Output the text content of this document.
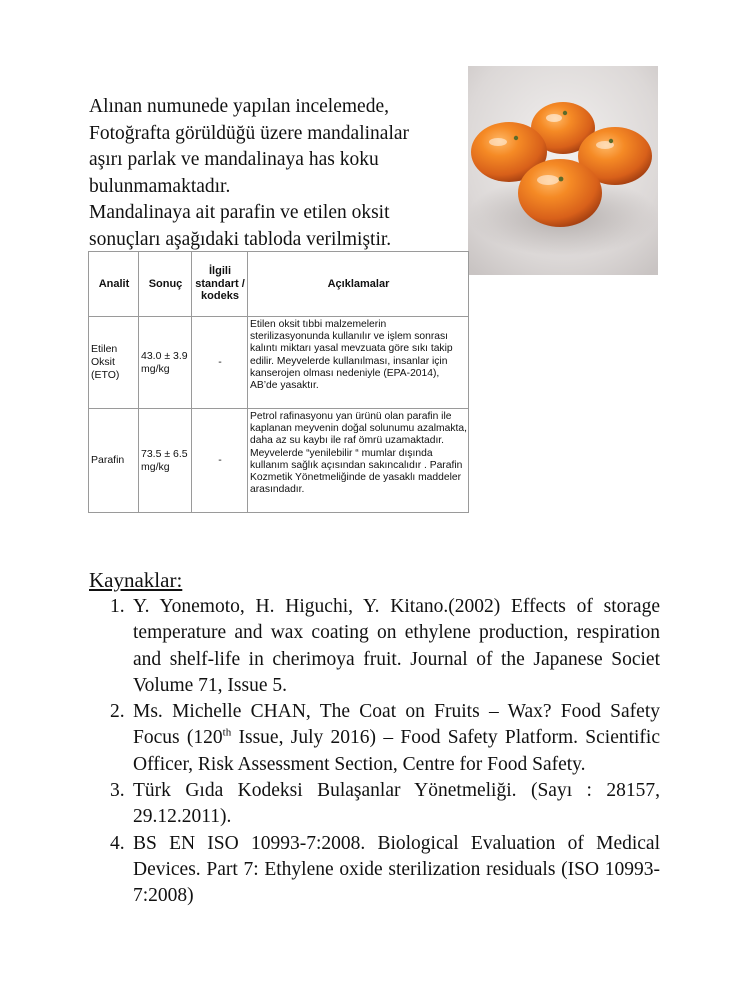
Alınan numunede yapılan incelemede,
Fotoğrafta görüldüğü üzere mandalinalar
aşırı parlak ve mandalinaya has koku
bulunmamaktadır.
Mandalinaya ait parafin ve etilen oksit
sonuçları aşağıdaki tabloda verilmiştir.
Analit	Sonuç	İlgili standart / kodeks	Açıklamalar
Etilen Oksit (ETO)	43.0 ± 3.9 mg/kg	-	Etilen oksit tıbbi malzemelerin sterilizasyonunda kullanılır ve işlem sonrası kalıntı miktarı yasal mevzuata göre sıkı takip edilir. Meyvelerde kullanılması, insanlar için kanserojen olması nedeniyle (EPA-2014), AB’de yasaktır.
Parafin	73.5 ± 6.5 mg/kg	-	Petrol rafinasyonu yan ürünü olan parafin ile kaplanan meyvenin doğal solunumu azalmakta, daha az su kaybı ile raf ömrü uzamaktadır. Meyvelerde “yenilebilir “ mumlar dışında kullanım sağlık açısından sakıncalıdır . Parafin Kozmetik Yönetmeliğinde de yasaklı maddeler arasındadır.
Kaynaklar:
1. Y. Yonemoto, H. Higuchi, Y. Kitano.(2002) Effects of storage temperature and wax coating on ethylene production, respiration and shelf-life in cherimoya fruit. Journal of the Japanese Societ Volume 71, Issue 5.
2. Ms. Michelle CHAN, The Coat on Fruits – Wax? Food Safety Focus (120th Issue, July 2016) – Food Safety Platform. Scientific Officer, Risk Assessment Section, Centre for Food Safety.
3. Türk Gıda Kodeksi Bulaşanlar Yönetmeliği. (Sayı : 28157, 29.12.2011).
4. BS EN ISO 10993-7:2008. Biological Evaluation of Medical Devices. Part 7: Ethylene oxide sterilization residuals (ISO 10993-7:2008)
